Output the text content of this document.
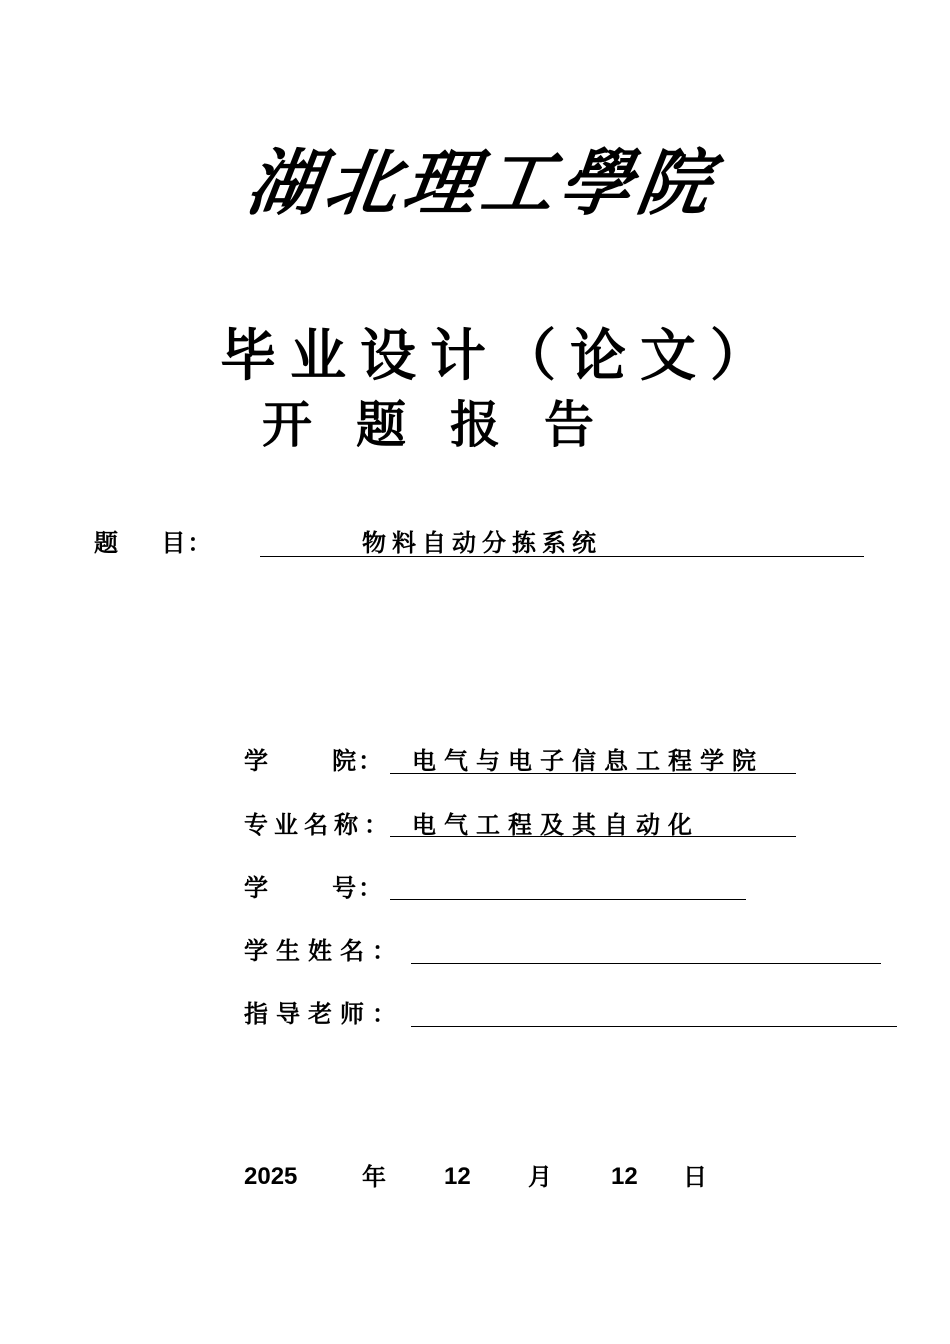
湖北理工學院
毕业设计（论文）
开题报告
题    目：	物料自动分拣系统
学      院： 电气与电子信息工程学院
专业名称： 电气工程及其自动化
学      号：
学生姓名：
指导老师：
2025	年 12 月 12 日
